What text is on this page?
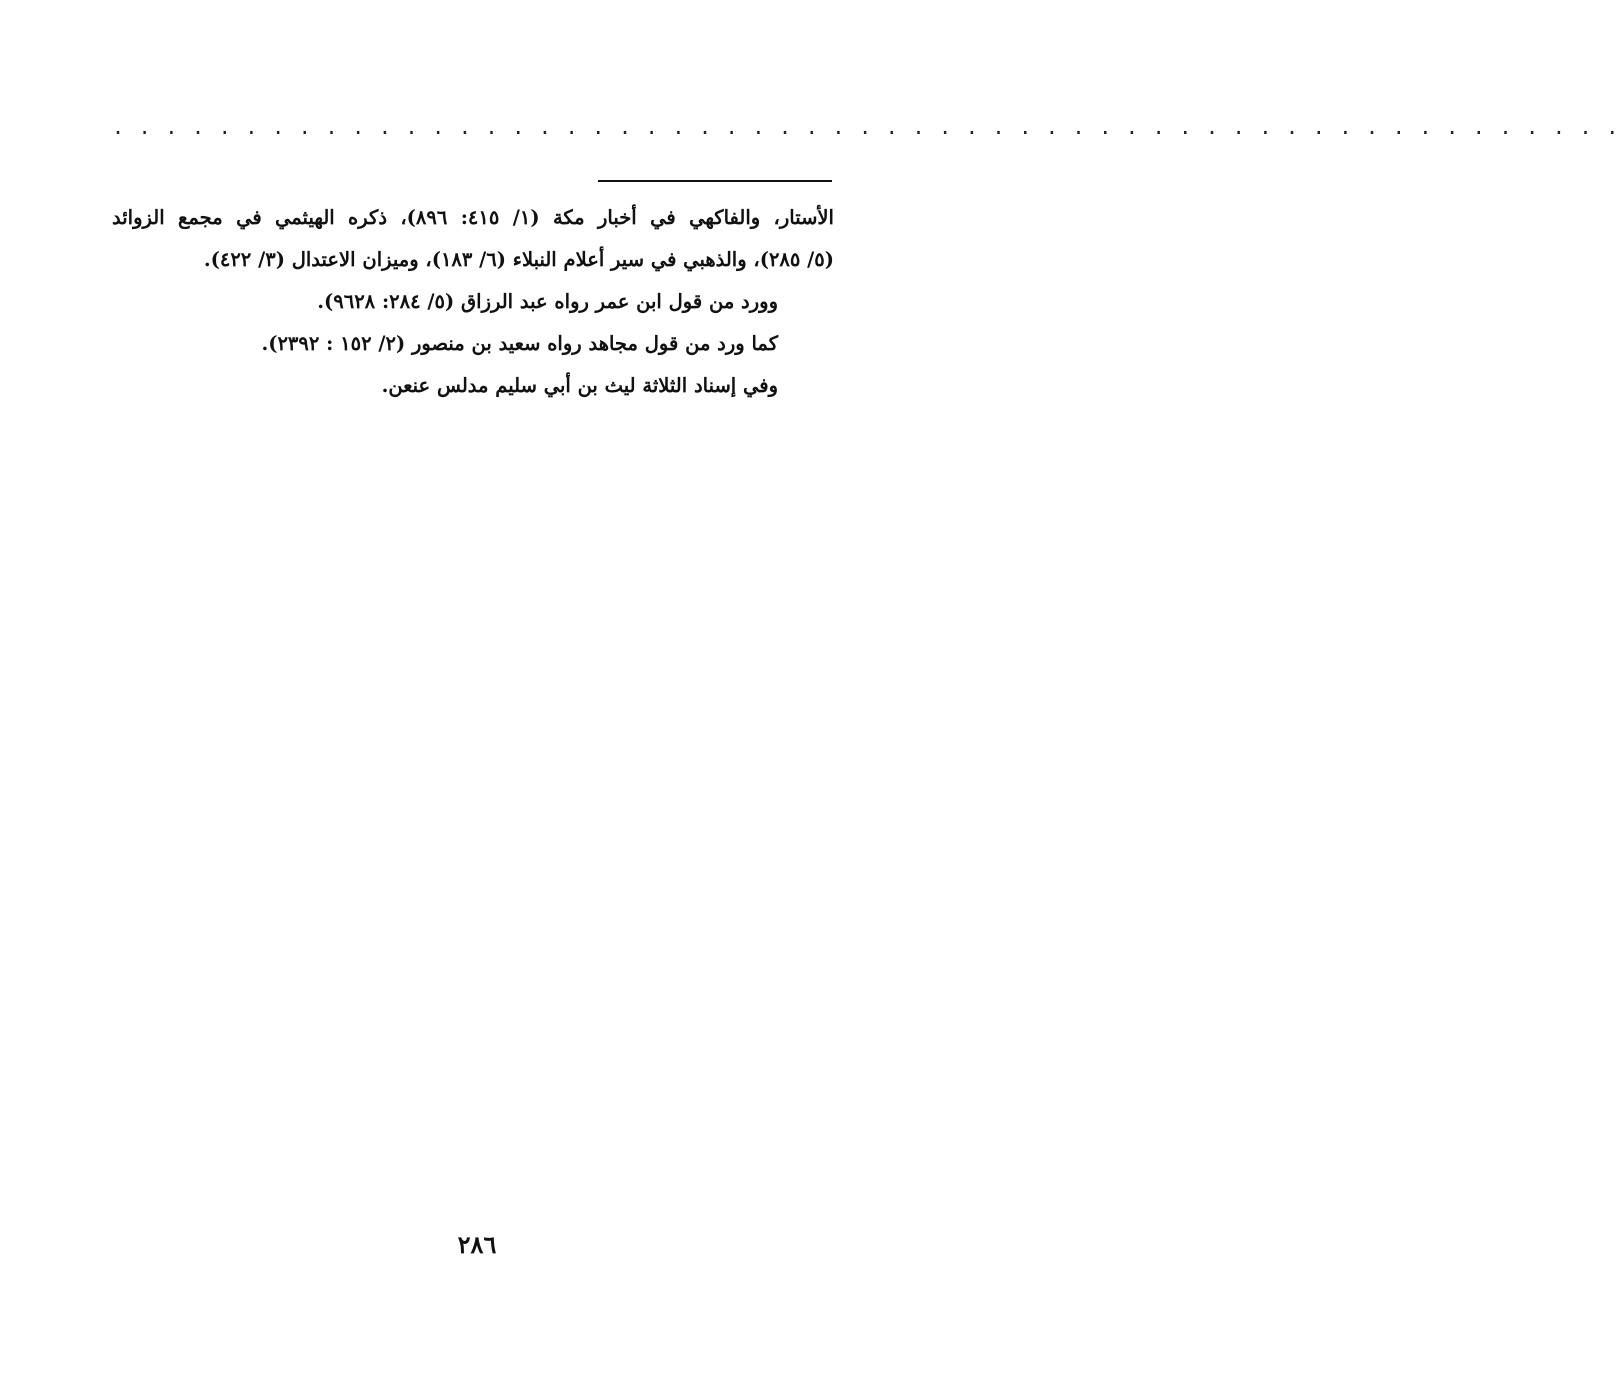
. . . . . . . . . . . . . . . . . . . . . . . . . . . . . . . . . . . . . . . . . . . . . . . . . . . . . . . . .
الأستار، والفاكهي في أخبار مكة (١/ ٤١٥: ٨٩٦)، ذكره الهيثمي في مجمع الزوائد
(٥/ ٢٨٥)، والذهبي في سير أعلام النبلاء (٦/ ١٨٣)، وميزان الاعتدال (٣/ ٤٢٢).
وورد من قول ابن عمر رواه عبد الرزاق (٥/ ٢٨٤: ٩٦٢٨).
كما ورد من قول مجاهد رواه سعيد بن منصور (٢/ ١٥٢ : ٢٣٩٢).
وفي إسناد الثلاثة ليث بن أبي سليم مدلس عنعن.
٢٨٦
